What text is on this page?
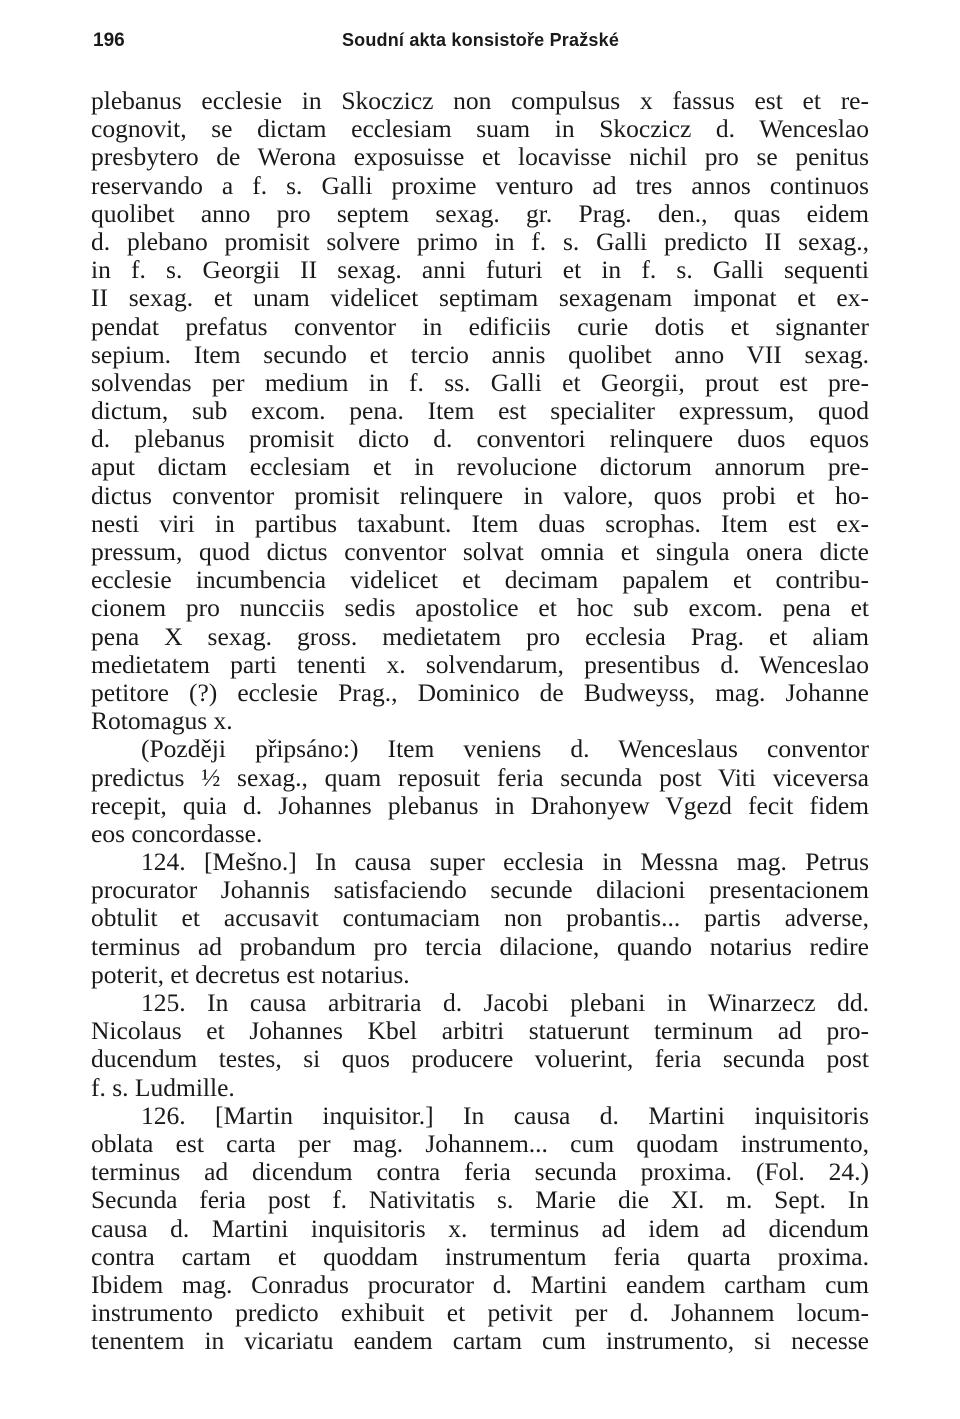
196	Soudní akta konsistoře Pražské
plebanus ecclesie in Skoczicz non compulsus x fassus est et re-
cognovit, se dictam ecclesiam suam in Skoczicz d. Wenceslao
presbytero de Werona exposuisse et locavisse nichil pro se penitus
reservando a f. s. Galli proxime venturo ad tres annos continuos
quolibet anno pro septem sexag. gr. Prag. den., quas eidem
d. plebano promisit solvere primo in f. s. Galli predicto II sexag.,
in f. s. Georgii II sexag. anni futuri et in f. s. Galli sequenti
II sexag. et unam videlicet septimam sexagenam imponat et ex-
pendat prefatus conventor in edificiis curie dotis et signanter
sepium. Item secundo et tercio annis quolibet anno VII sexag.
solvendas per medium in f. ss. Galli et Georgii, prout est pre-
dictum, sub excom. pena. Item est specialiter expressum, quod
d. plebanus promisit dicto d. conventori relinquere duos equos
aput dictam ecclesiam et in revolucione dictorum annorum pre-
dictus conventor promisit relinquere in valore, quos probi et ho-
nesti viri in partibus taxabunt. Item duas scrophas. Item est ex-
pressum, quod dictus conventor solvat omnia et singula onera dicte
ecclesie incumbencia videlicet et decimam papalem et contribu-
cionem pro nuncciis sedis apostolice et hoc sub excom. pena et
pena X sexag. gross. medietatem pro ecclesia Prag. et aliam
medietatem parti tenenti x. solvendarum, presentibus d. Wenceslao
petitore (?) ecclesie Prag., Dominico de Budweyss, mag. Johanne
Rotomagus x.
(Později připsáno:) Item veniens d. Wenceslaus conventor
predictus ½ sexag., quam reposuit feria secunda post Viti viceversa
recepit, quia d. Johannes plebanus in Drahonyew Vgezd fecit fidem
eos concordasse.
124. [Mešno.] In causa super ecclesia in Messna mag. Petrus
procurator Johannis satisfaciendo secunde dilacioni presentacionem
obtulit et accusavit contumaciam non probantis... partis adverse,
terminus ad probandum pro tercia dilacione, quando notarius redire
poterit, et decretus est notarius.
125. In causa arbitraria d. Jacobi plebani in Winarzecz dd.
Nicolaus et Johannes Kbel arbitri statuerunt terminum ad pro-
ducendum testes, si quos producere voluerint, feria secunda post
f. s. Ludmille.
126. [Martin inquisitor.] In causa d. Martini inquisitoris
oblata est carta per mag. Johannem... cum quodam instrumento,
terminus ad dicendum contra feria secunda proxima. (Fol. 24.)
Secunda feria post f. Nativitatis s. Marie die XI. m. Sept. In
causa d. Martini inquisitoris x. terminus ad idem ad dicendum
contra cartam et quoddam instrumentum feria quarta proxima.
Ibidem mag. Conradus procurator d. Martini eandem cartham cum
instrumento predicto exhibuit et petivit per d. Johannem locum-
tenentem in vicariatu eandem cartam cum instrumento, si necesse
